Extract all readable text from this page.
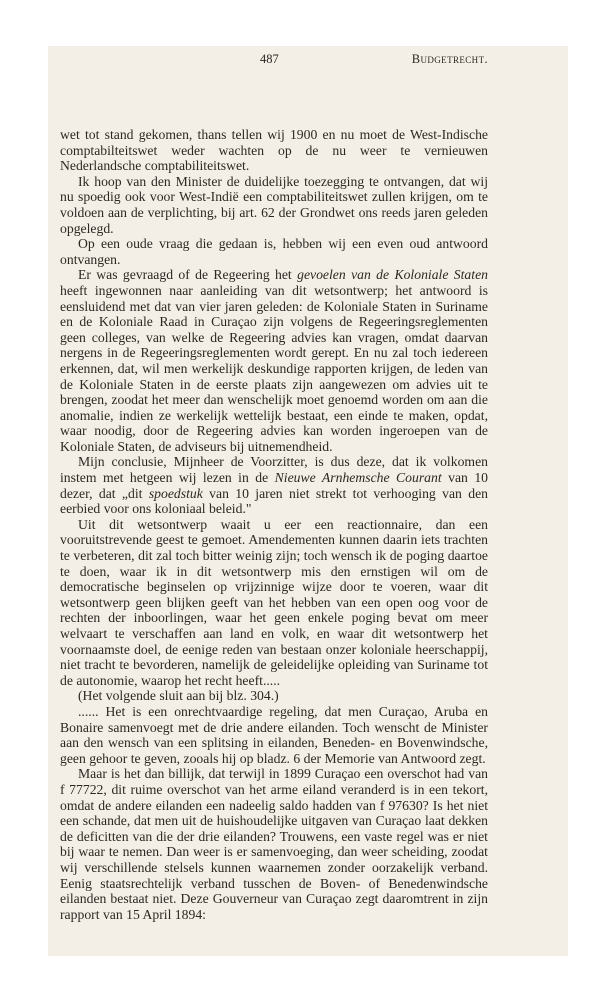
487	Budgetrecht.

wet tot stand gekomen, thans tellen wij 1900 en nu moet de West-Indische comptabilteitswet weder wachten op de nu weer te vernieuwen Nederlandsche comptabiliteitswet.

Ik hoop van den Minister de duidelijke toezegging te ontvangen, dat wij nu spoedig ook voor West-Indië een comptabiliteitswet zullen krijgen, om te voldoen aan de verplichting, bij art. 62 der Grondwet ons reeds jaren geleden opgelegd.

Op een oude vraag die gedaan is, hebben wij een even oud antwoord ontvangen.

Er was gevraagd of de Regeering het gevoelen van de Koloniale Staten heeft ingewonnen naar aanleiding van dit wetsontwerp; het antwoord is eensluidend met dat van vier jaren geleden: de Koloniale Staten in Suriname en de Koloniale Raad in Curaçao zijn volgens de Regeeringsreglementen geen colleges, van welke de Regeering advies kan vragen, omdat daarvan nergens in de Regeeringsreglementen wordt gerept. En nu zal toch iedereen erkennen, dat, wil men werkelijk deskundige rapporten krijgen, de leden van de Koloniale Staten in de eerste plaats zijn aangewezen om advies uit te brengen, zoodat het meer dan wenschelijk moet genoemd worden om aan die anomalie, indien ze werkelijk wettelijk bestaat, een einde te maken, opdat, waar noodig, door de Regeering advies kan worden ingeroepen van de Koloniale Staten, de adviseurs bij uitnemendheid.

Mijn conclusie, Mijnheer de Voorzitter, is dus deze, dat ik volkomen instem met hetgeen wij lezen in de Nieuwe Arnhemsche Courant van 10 dezer, dat „dit spoedstuk van 10 jaren niet strekt tot verhooging van den eerbied voor ons koloniaal beleid."

Uit dit wetsontwerp waait u eer een reactionnaire, dan een vooruitstrevende geest te gemoet. Amendementen kunnen daarin iets trachten te verbeteren, dit zal toch bitter weinig zijn; toch wensch ik de poging daartoe te doen, waar ik in dit wetsontwerp mis den ernstigen wil om de democratische beginselen op vrijzinnige wijze door te voeren, waar dit wetsontwerp geen blijken geeft van het hebben van een open oog voor de rechten der inboorlingen, waar het geen enkele poging bevat om meer welvaart te verschaffen aan land en volk, en waar dit wetsontwerp het voornaamste doel, de eenige reden van bestaan onzer koloniale heerschappij, niet tracht te bevorderen, namelijk de geleidelijke opleiding van Suriname tot de autonomie, waarop het recht heeft.....

(Het volgende sluit aan bij blz. 304.)

...... Het is een onrechtvaardige regeling, dat men Curaçao, Aruba en Bonaire samenvoegt met de drie andere eilanden. Toch wenscht de Minister aan den wensch van een splitsing in eilanden, Beneden- en Bovenwindsche, geen gehoor te geven, zooals hij op bladz. 6 der Memorie van Antwoord zegt.

Maar is het dan billijk, dat terwijl in 1899 Curaçao een overschot had van f 77722, dit ruime overschot van het arme eiland veranderd is in een tekort, omdat de andere eilanden een nadeelig saldo hadden van f 97630? Is het niet een schande, dat men uit de huishoudelijke uitgaven van Curaçao laat dekken de deficitten van die der drie eilanden? Trouwens, een vaste regel was er niet bij waar te nemen. Dan weer is er samenvoeging, dan weer scheiding, zoodat wij verschillende stelsels kunnen waarnemen zonder oorzakelijk verband. Eenig staatsrechtelijk verband tusschen de Boven- of Benedenwindsche eilanden bestaat niet. Deze Gouverneur van Curaçao zegt daaromtrent in zijn rapport van 15 April 1894:
